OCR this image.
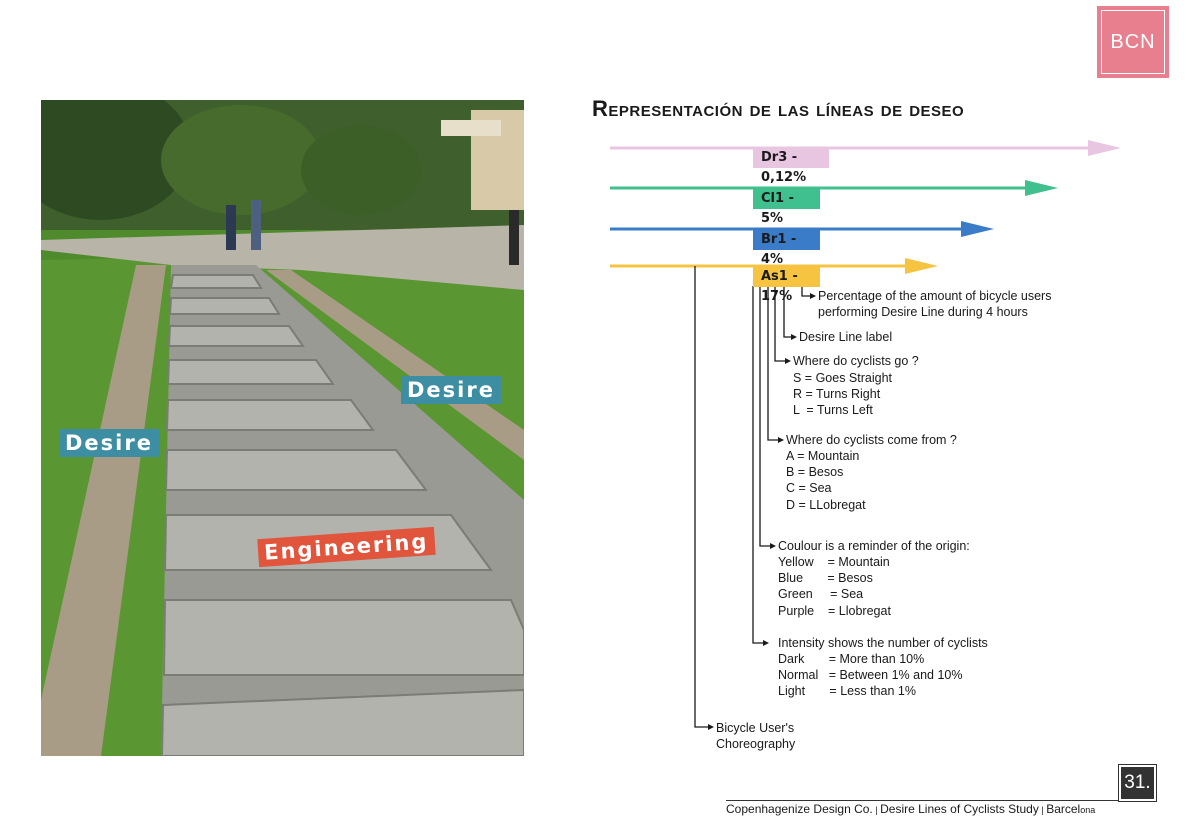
BCN
Desire
Desire
Engineering
Representación de las líneas de deseo
Dr3 - 0,12%
Cl1 - 5%
Br1 - 4%
As1 - 17%	Percentage of the amount of bicycle users
performing Desire Line during 4 hours
Desire Line label
Where do cyclists go ?
S = Goes Straight
R = Turns Right
L  = Turns Left
Where do cyclists come from ?
A = Mountain
B = Besos
C = Sea
D = LLobregat
Coulour is a reminder of the origin:
Yellow    = Mountain
Blue       = Besos
Green     = Sea
Purple    = Llobregat
Intensity shows the number of cyclists
Dark       = More than 10%
Normal   = Between 1% and 10%
Light       = Less than 1%
Bicycle User's
Choreography
31.
Copenhagenize Design Co. | Desire Lines of Cyclists Study | Barcelona
